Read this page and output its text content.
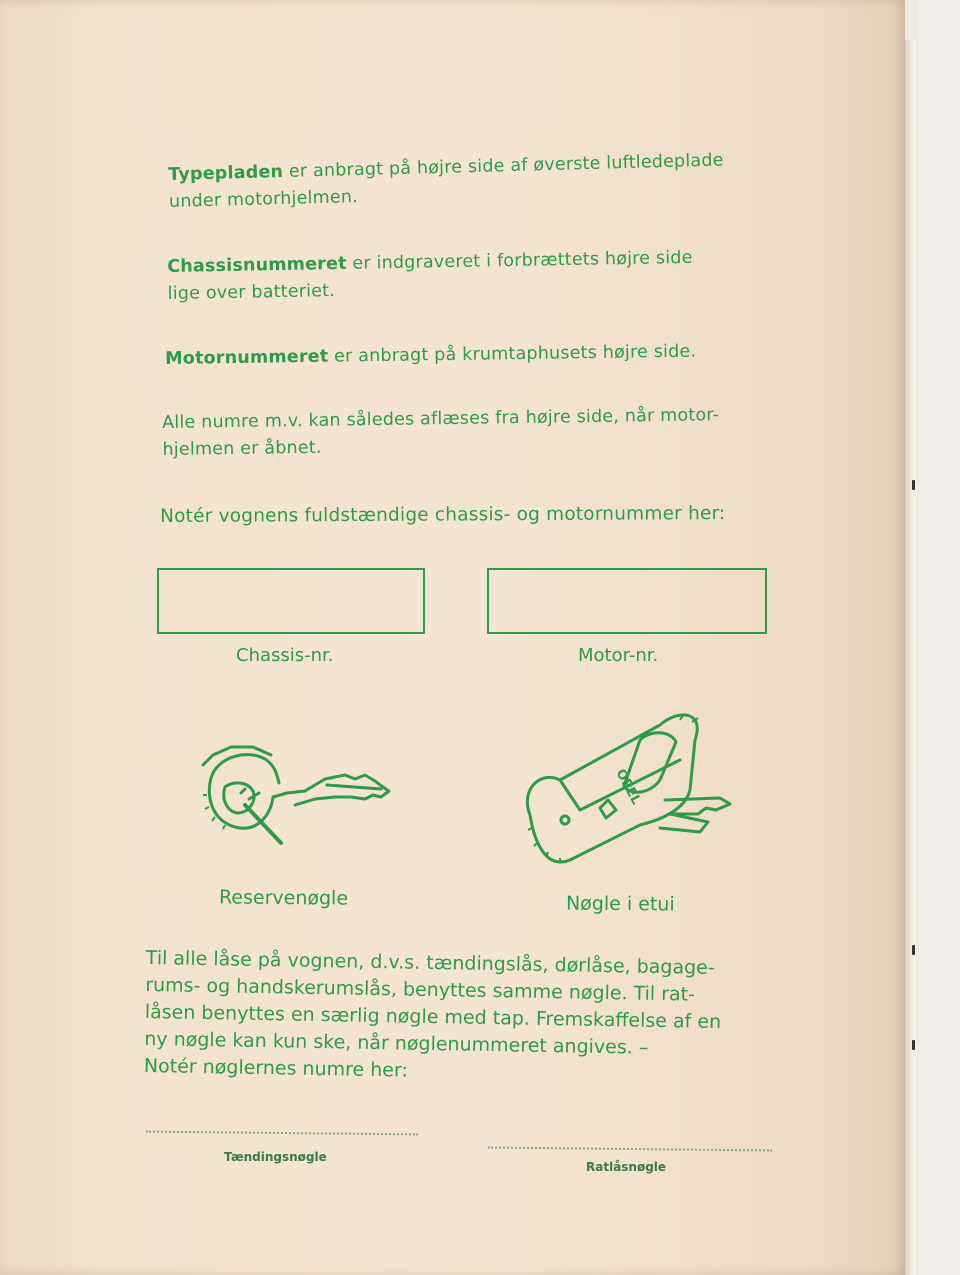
Typepladen er anbragt på højre side af øverste luftledeplade
under motorhjelmen.
Chassisnummeret er indgraveret i forbrættets højre side
lige over batteriet.
Motornummeret er anbragt på krumtaphusets højre side.
Alle numre m.v. kan således aflæses fra højre side, når motor-
hjelmen er åbnet.
Notér vognens fuldstændige chassis- og motornummer her:
Chassis-nr.	Motor-nr.
Reservenøgle
OPEL
Nøgle i etui
Til alle låse på vognen, d.v.s. tændingslås, dørlåse, bagage-
rums- og handskerumslås, benyttes samme nøgle. Til rat-
låsen benyttes en særlig nøgle med tap. Fremskaffelse af en
ny nøgle kan kun ske, når nøglenummeret angives. –
Notér nøglernes numre her:
Tændingsnøgle
Ratlåsnøgle
